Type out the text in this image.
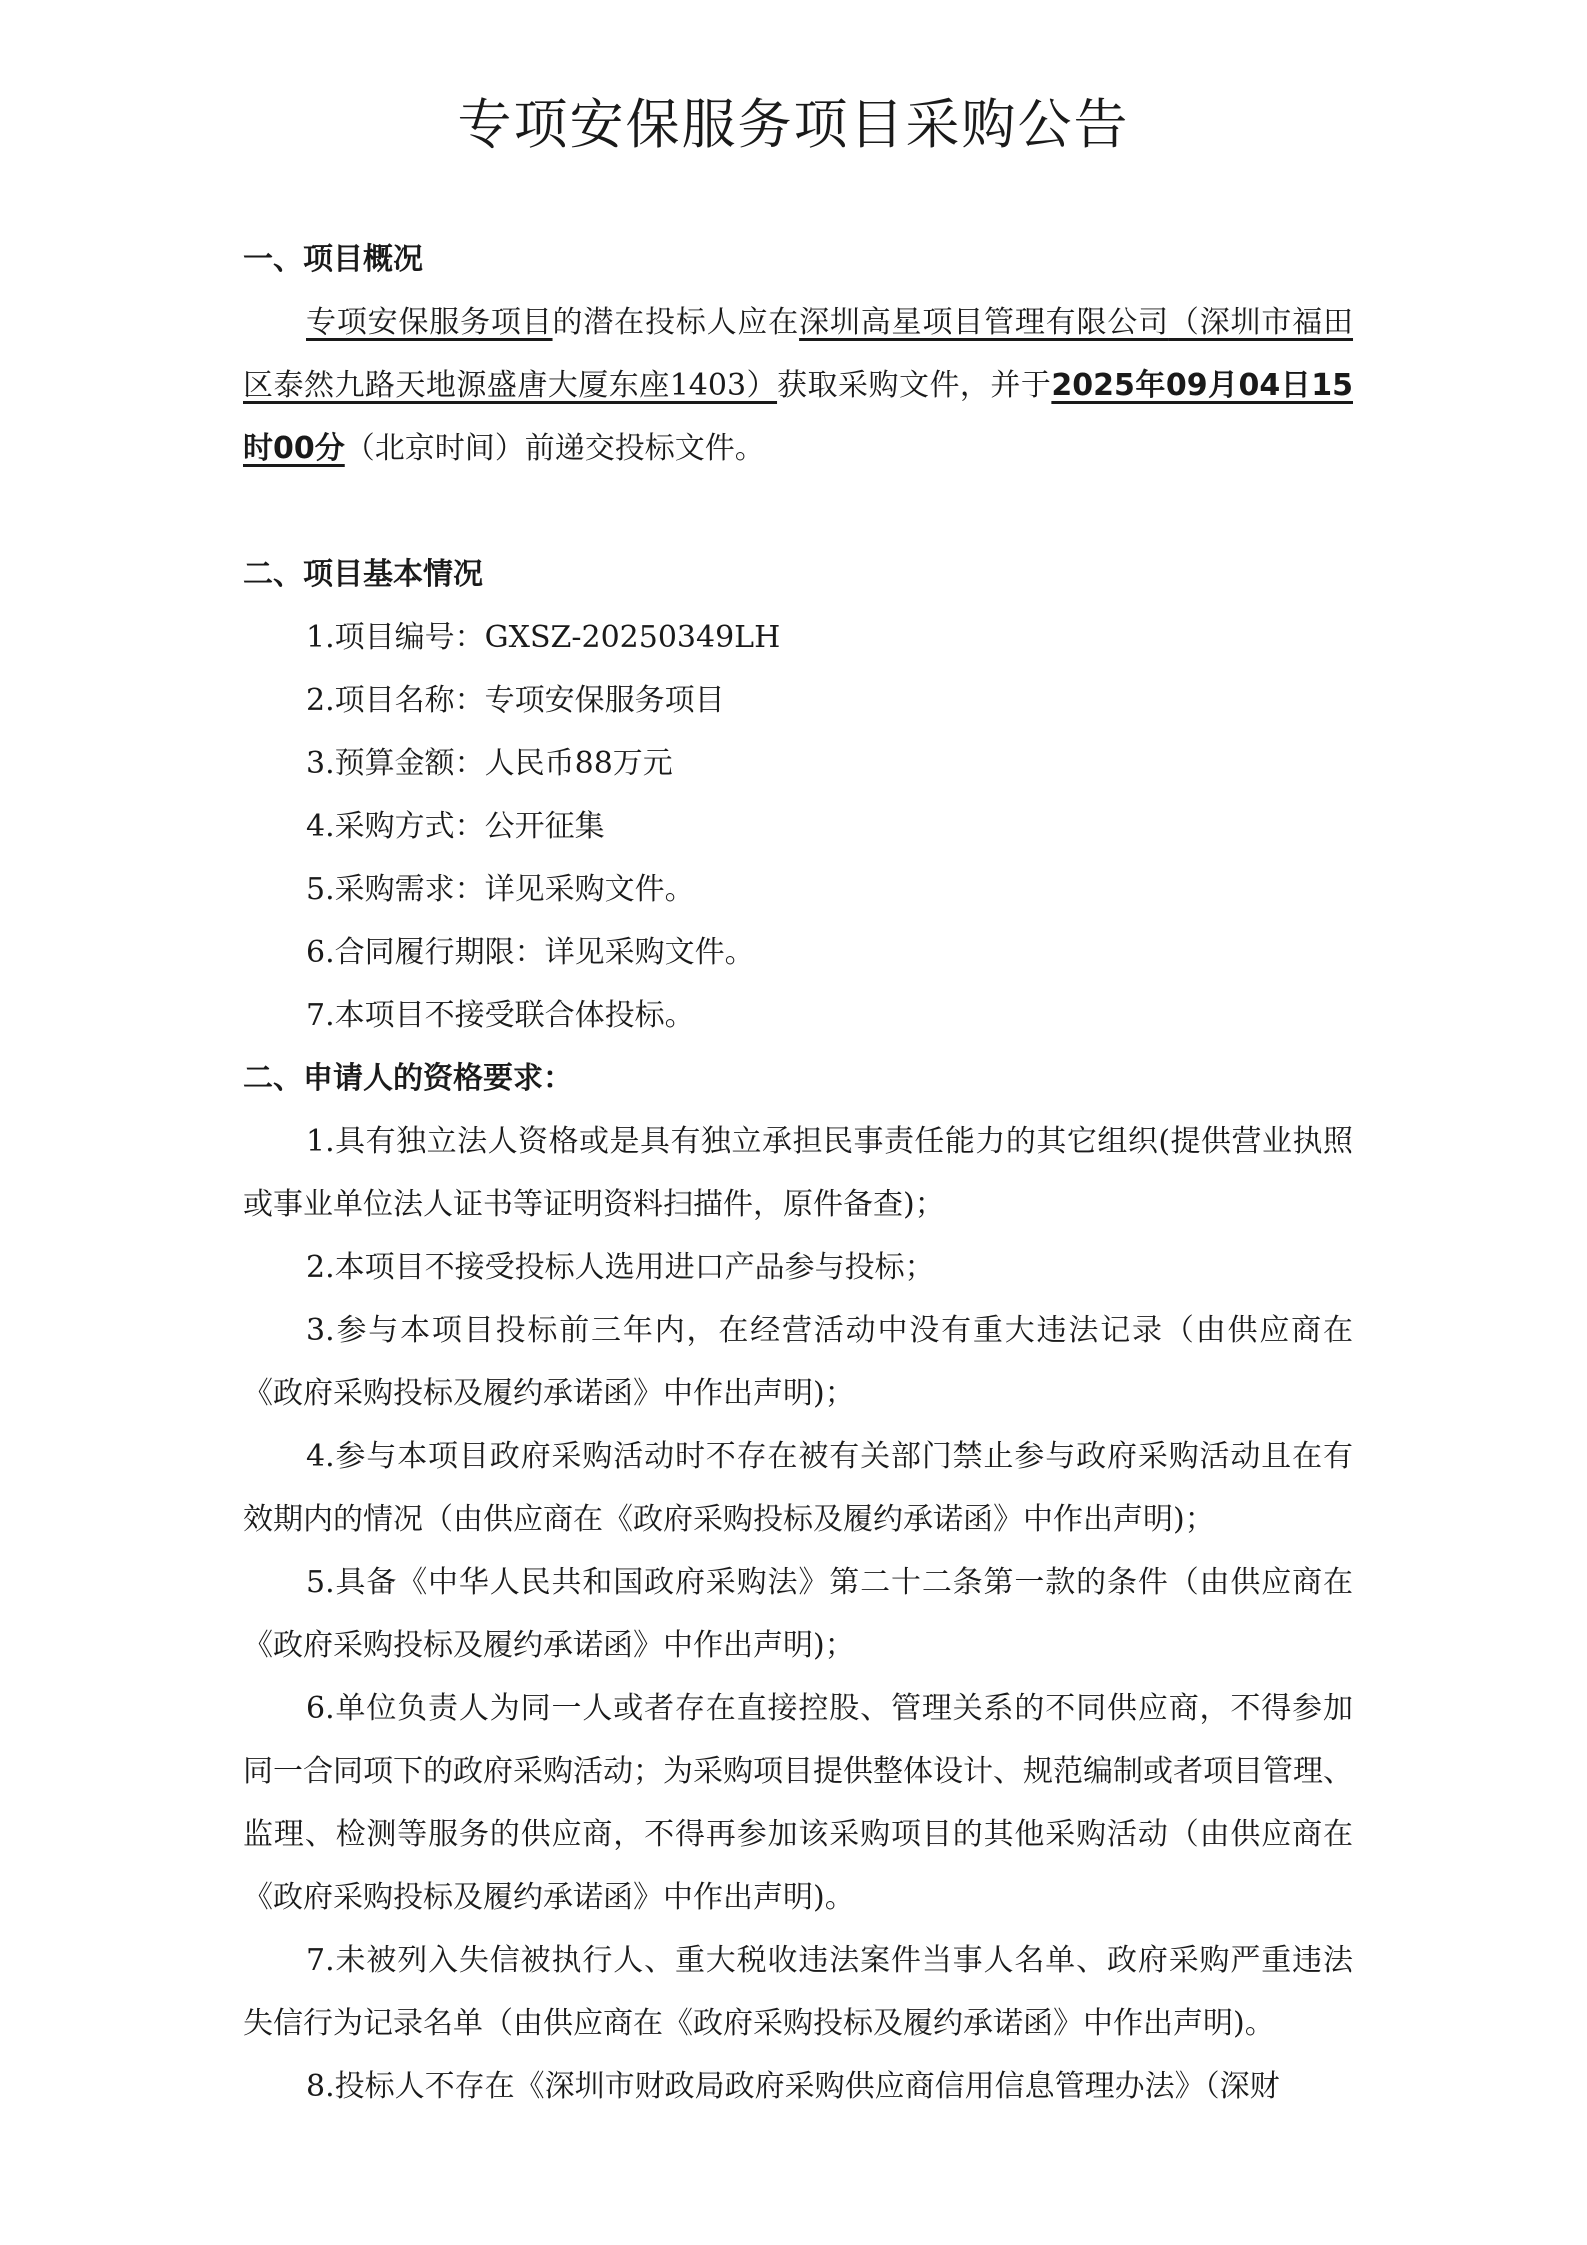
专项安保服务项目采购公告
一、项目概况
专项安保服务项目的潜在投标人应在深圳高星项目管理有限公司（深圳市福田区泰然九路天地源盛唐大厦东座1403）获取采购文件，并于2025年09月04日15时00分（北京时间）前递交投标文件。
二、项目基本情况
1.项目编号：GXSZ-20250349LH
2.项目名称：专项安保服务项目
3.预算金额：人民币88万元
4.采购方式：公开征集
5.采购需求：详见采购文件。
6.合同履行期限：详见采购文件。
7.本项目不接受联合体投标。
二、申请人的资格要求：
1.具有独立法人资格或是具有独立承担民事责任能力的其它组织(提供营业执照或事业单位法人证书等证明资料扫描件，原件备查)；
2.本项目不接受投标人选用进口产品参与投标；
3.参与本项目投标前三年内，在经营活动中没有重大违法记录（由供应商在《政府采购投标及履约承诺函》中作出声明)；
4.参与本项目政府采购活动时不存在被有关部门禁止参与政府采购活动且在有效期内的情况（由供应商在《政府采购投标及履约承诺函》中作出声明)；
5.具备《中华人民共和国政府采购法》第二十二条第一款的条件（由供应商在《政府采购投标及履约承诺函》中作出声明)；
6.单位负责人为同一人或者存在直接控股、管理关系的不同供应商，不得参加同一合同项下的政府采购活动；为采购项目提供整体设计、规范编制或者项目管理、监理、检测等服务的供应商，不得再参加该采购项目的其他采购活动（由供应商在《政府采购投标及履约承诺函》中作出声明)。
7.未被列入失信被执行人、重大税收违法案件当事人名单、政府采购严重违法失信行为记录名单（由供应商在《政府采购投标及履约承诺函》中作出声明)。
8.投标人不存在《深圳市财政局政府采购供应商信用信息管理办法》（深财
